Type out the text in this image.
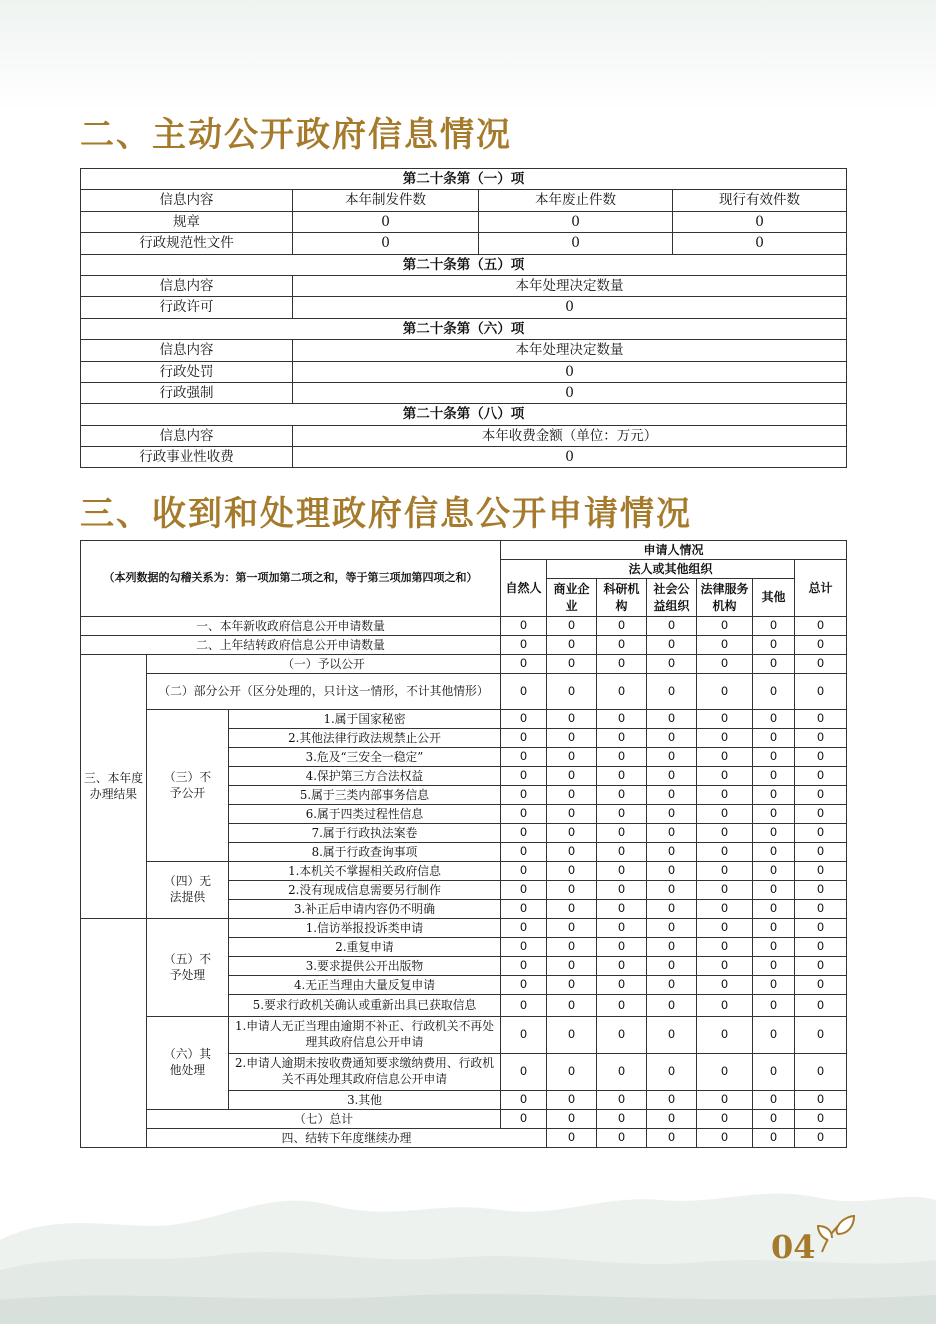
二、主动公开政府信息情况
第二十条第（一）项			
信息内容	本年制发件数	本年废止件数	现行有效件数
规章	0	0	0
行政规范性文件	0	0	0
第二十条第（五）项			
信息内容	本年处理决定数量		
行政许可	0		
第二十条第（六）项			
信息内容	本年处理决定数量		
行政处罚	0		
行政强制	0		
第二十条第（八）项			
信息内容	本年收费金额（单位：万元）		
行政事业性收费	0		
三、收到和处理政府信息公开申请情况
（本列数据的勾稽关系为：第一项加第二项之和，等于第三项加第四项之和）			申请人情况							
			自然人	法人或其他组织					总计	
				商业企业	科研机构	社会公益组织	法律服务机构	其他		
一、本年新收政府信息公开申请数量			0	0	0	0	0	0	0	
二、上年结转政府信息公开申请数量			0	0	0	0	0	0	0	
三、本年度办理结果	（一）予以公开		0	0	0	0	0	0	0	
	（二）部分公开（区分处理的，只计这一情形，不计其他情形）		0	0	0	0	0	0	0	
	（三）不予公开	1.属于国家秘密	0	0	0	0	0	0	0	
		2.其他法律行政法规禁止公开	0	0	0	0	0	0	0	
		3.危及“三安全一稳定”	0	0	0	0	0	0	0	
		4.保护第三方合法权益	0	0	0	0	0	0	0	
		5.属于三类内部事务信息	0	0	0	0	0	0	0	
		6.属于四类过程性信息	0	0	0	0	0	0	0	
		7.属于行政执法案卷	0	0	0	0	0	0	0	
		8.属于行政查询事项	0	0	0	0	0	0	0	
	（四）无法提供	1.本机关不掌握相关政府信息	0	0	0	0	0	0	0	
		2.没有现成信息需要另行制作	0	0	0	0	0	0	0	
		3.补正后申请内容仍不明确	0	0	0	0	0	0	0	
	（五）不予处理	1.信访举报投诉类申请	0	0	0	0	0	0	0	
		2.重复申请	0	0	0	0	0	0	0	
		3.要求提供公开出版物	0	0	0	0	0	0	0	
		4.无正当理由大量反复申请	0	0	0	0	0	0	0	
		5.要求行政机关确认或重新出具已获取信息	0	0	0	0	0	0	0	
	（六）其他处理	1.申请人无正当理由逾期不补正、行政机关不再处理其政府信息公开申请	0	0	0	0	0	0	0	
		2.申请人逾期未按收费通知要求缴纳费用、行政机关不再处理其政府信息公开申请	0	0	0	0	0	0	0	
		3.其他	0	0	0	0	0	0	0	
	（七）总计		0	0	0	0	0	0	0	
	四、结转下年度继续办理			0	0	0	0	0	0	
04
